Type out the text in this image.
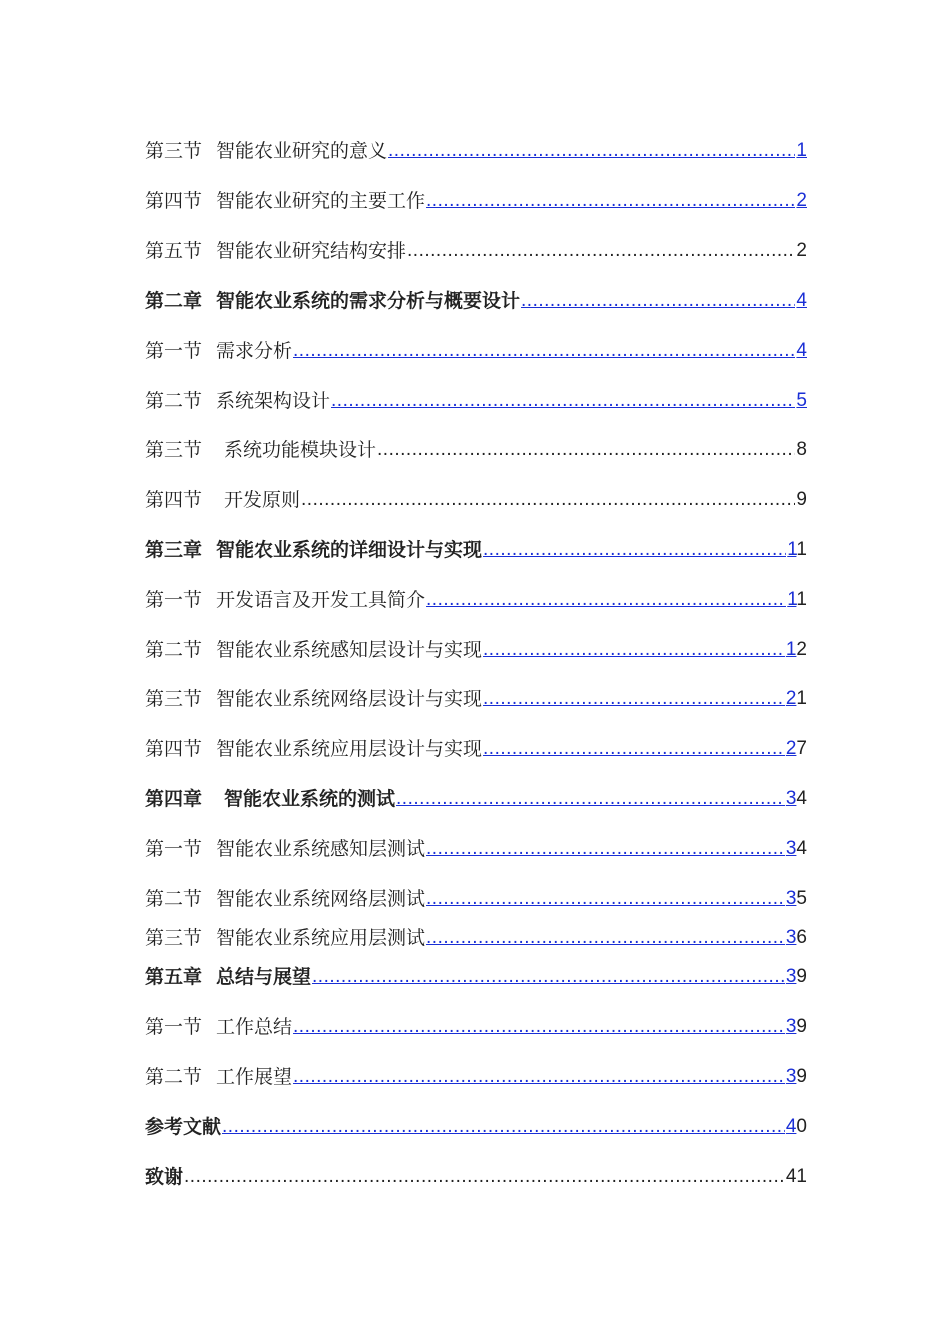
第三节 智能农业研究的意义 .....	1
第四节 智能农业研究的主要工作 .....	2
第五节 智能农业研究结构安排 .....	2
第二章 智能农业系统的需求分析与概要设计 .....	4
第一节 需求分析 .....	4
第二节 系统架构设计 .....	5
第三节 系统功能模块设计 .....	8
第四节 开发原则 .....	9
第三章 智能农业系统的详细设计与实现 .....	11
第一节 开发语言及开发工具简介 .....	11
第二节 智能农业系统感知层设计与实现 .....	12
第三节 智能农业系统网络层设计与实现 .....	21
第四节 智能农业系统应用层设计与实现 .....	27
第四章 智能农业系统的测试 .....	34
第一节 智能农业系统感知层测试 .....	34
第二节 智能农业系统网络层测试 .....	35
第三节 智能农业系统应用层测试 .....	36
第五章 总结与展望 .....	39
第一节 工作总结 .....	39
第二节 工作展望 .....	39
参考文献 .....	40
致谢 .....	41
